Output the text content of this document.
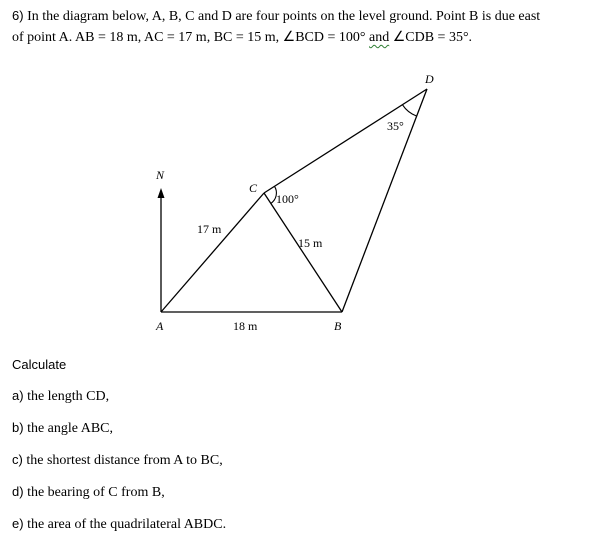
6) In the diagram below, A, B, C and D are four points on the level ground. Point B is due east
of point A. AB = 18 m, AC = 17 m, BC = 15 m, ∠BCD = 100° and ∠CDB = 35°.
A	B
C
D
N
18 m
17 m
15 m
100°
35°
Calculate
a) the length CD,
b) the angle ABC,
c) the shortest distance from A to BC,
d) the bearing of C from B,
e) the area of the quadrilateral ABDC.
